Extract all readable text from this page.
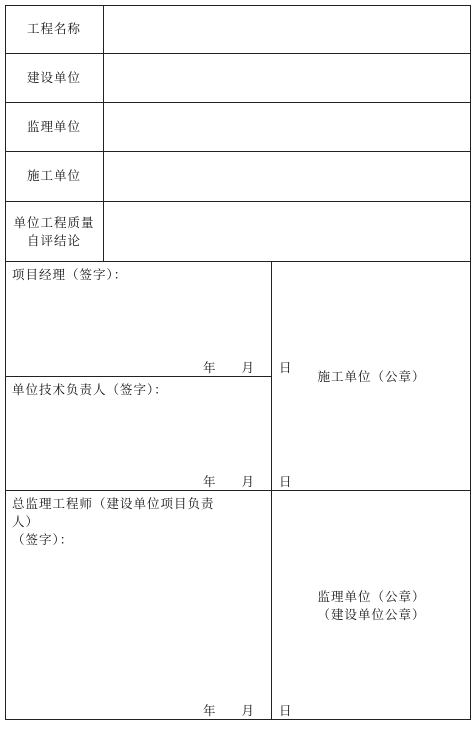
工程名称
建设单位
监理单位
施工单位
单位工程质量
自评结论
项目经理（签字）：
年 月 日
单位技术负责人（签字）：
年 月 日
施工单位（公章）
总监理工程师（建设单位项目负责
人）
（签字）：
年 月 日
监理单位（公章）
（建设单位公章）
